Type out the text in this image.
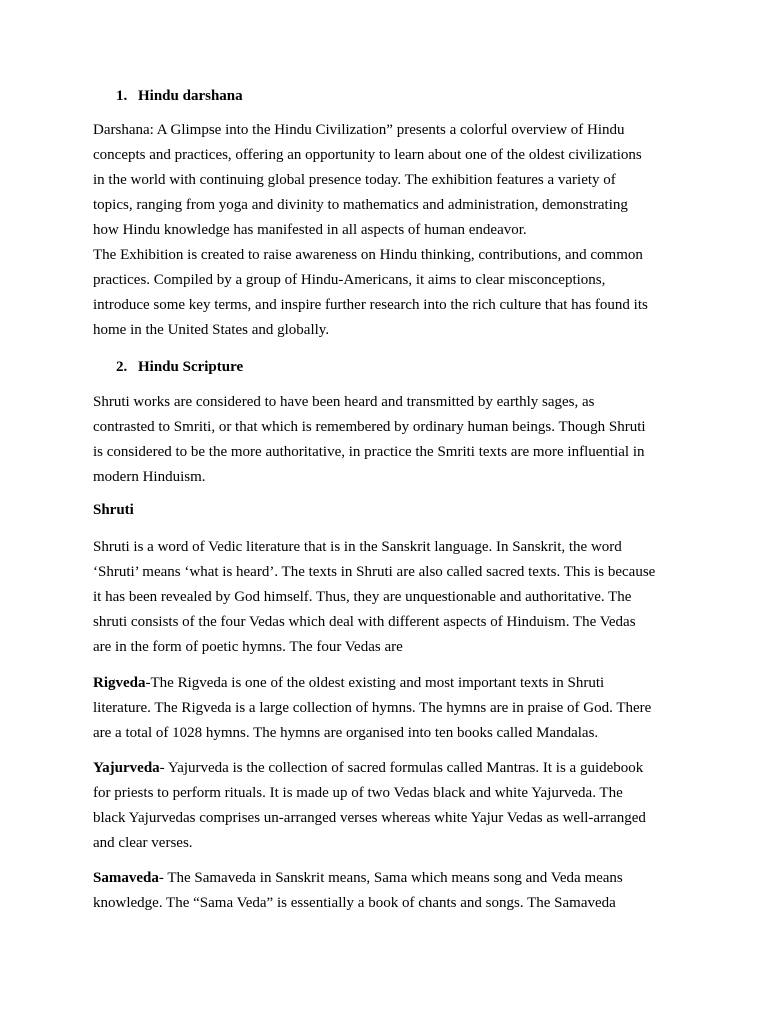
1. Hindu darshana
Darshana: A Glimpse into the Hindu Civilization” presents a colorful overview of Hindu
concepts and practices, offering an opportunity to learn about one of the oldest civilizations
in the world with continuing global presence today. The exhibition features a variety of
topics, ranging from yoga and divinity to mathematics and administration, demonstrating
how Hindu knowledge has manifested in all aspects of human endeavor.
The Exhibition is created to raise awareness on Hindu thinking, contributions, and common
practices. Compiled by a group of Hindu-Americans, it aims to clear misconceptions,
introduce some key terms, and inspire further research into the rich culture that has found its
home in the United States and globally.
2. Hindu Scripture
Shruti works are considered to have been heard and transmitted by earthly sages, as
contrasted to Smriti, or that which is remembered by ordinary human beings. Though Shruti
is considered to be the more authoritative, in practice the Smriti texts are more influential in
modern Hinduism.
Shruti
Shruti is a word of Vedic literature that is in the Sanskrit language. In Sanskrit, the word
‘Shruti’ means ‘what is heard’. The texts in Shruti are also called sacred texts. This is because
it has been revealed by God himself. Thus, they are unquestionable and authoritative. The
shruti consists of the four Vedas which deal with different aspects of Hinduism. The Vedas
are in the form of poetic hymns. The four Vedas are
Rigveda-The Rigveda is one of the oldest existing and most important texts in Shruti
literature. The Rigveda is a large collection of hymns. The hymns are in praise of God. There
are a total of 1028 hymns. The hymns are organised into ten books called Mandalas.
Yajurveda- Yajurveda is the collection of sacred formulas called Mantras. It is a guidebook
for priests to perform rituals. It is made up of two Vedas black and white Yajurveda. The
black Yajurvedas comprises un-arranged verses whereas white Yajur Vedas as well-arranged
and clear verses.
Samaveda- The Samaveda in Sanskrit means, Sama which means song and Veda means
knowledge. The “Sama Veda” is essentially a book of chants and songs. The Samaveda
